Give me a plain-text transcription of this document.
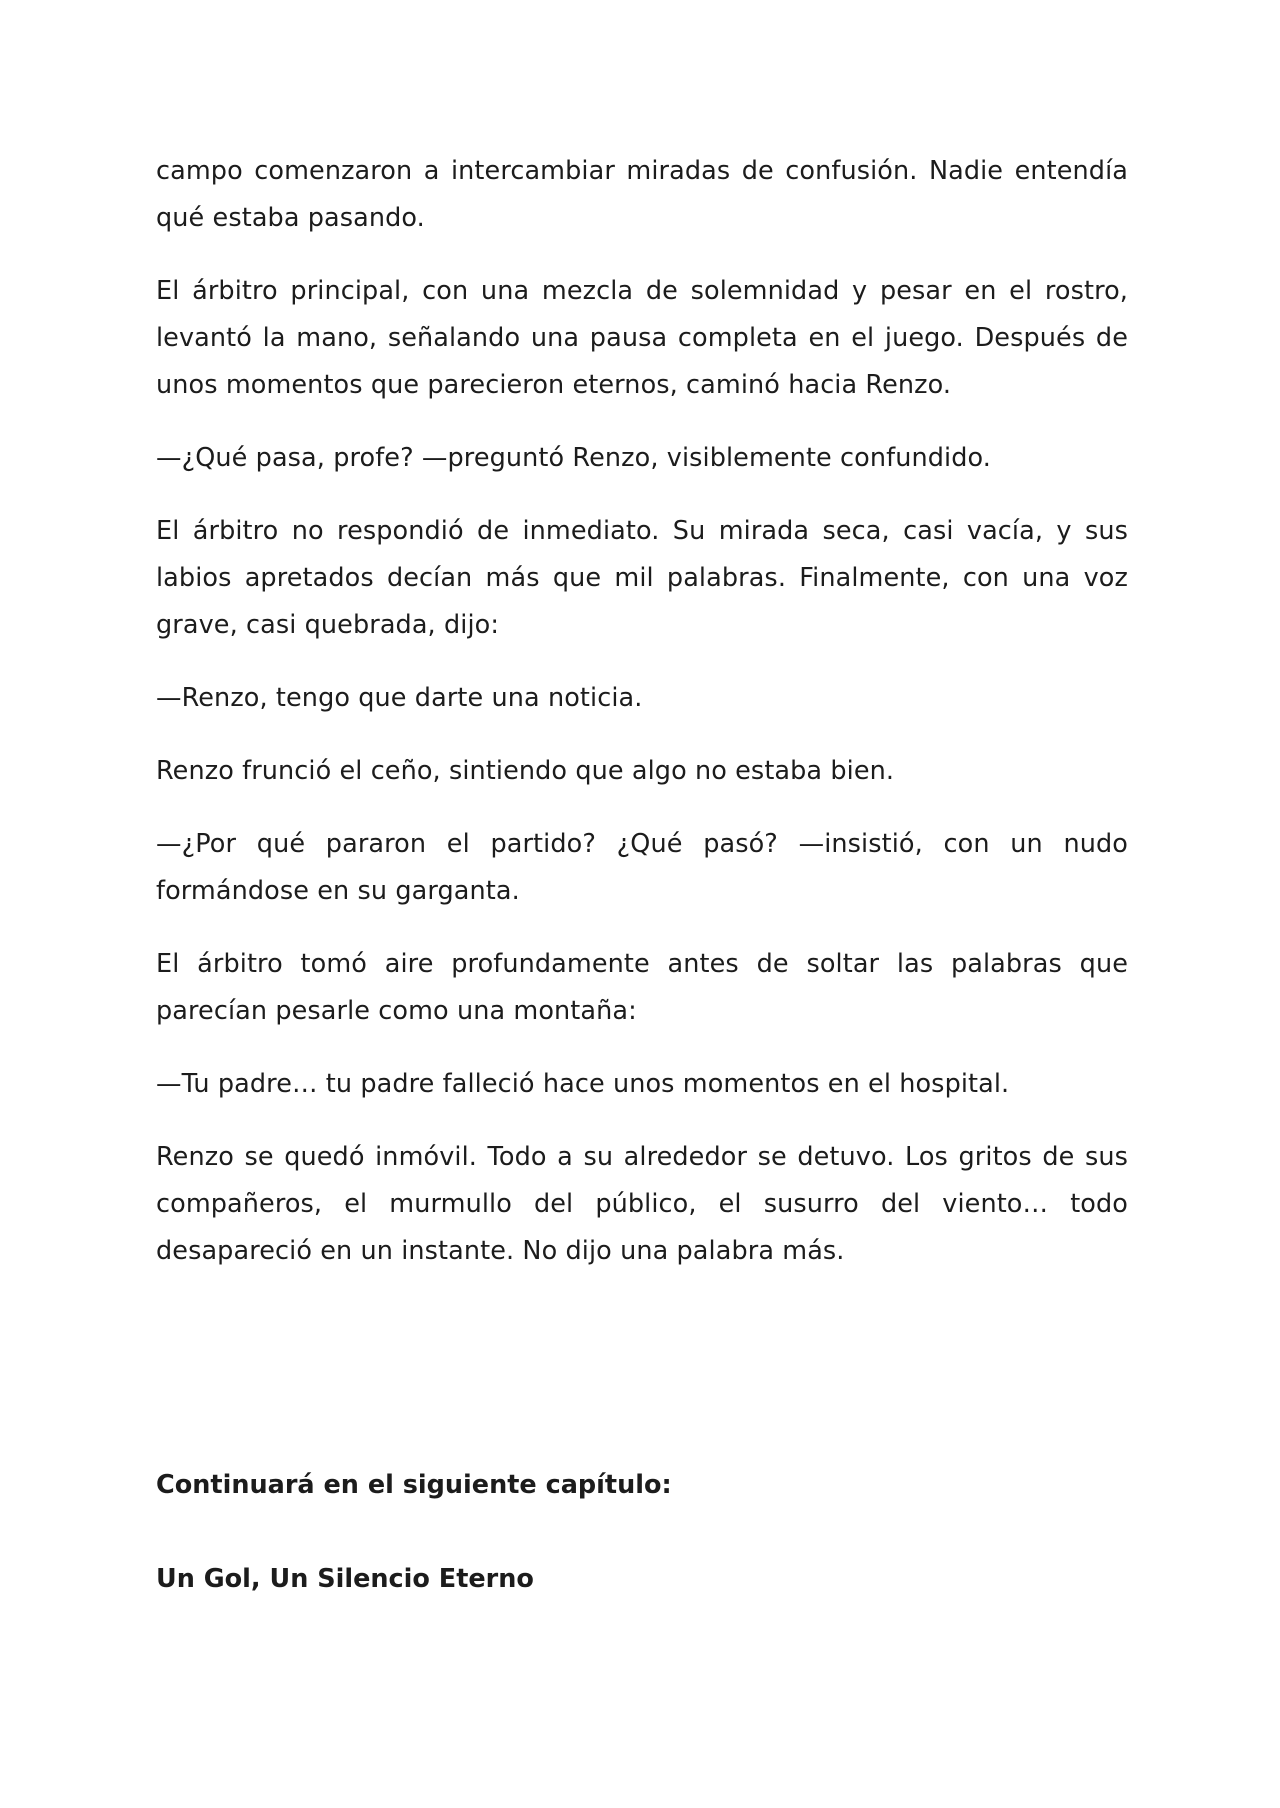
campo comenzaron a intercambiar miradas de confusión. Nadie entendía qué estaba pasando.

El árbitro principal, con una mezcla de solemnidad y pesar en el rostro, levantó la mano, señalando una pausa completa en el juego. Después de unos momentos que parecieron eternos, caminó hacia Renzo.

—¿Qué pasa, profe? —preguntó Renzo, visiblemente confundido.

El árbitro no respondió de inmediato. Su mirada seca, casi vacía, y sus labios apretados decían más que mil palabras. Finalmente, con una voz grave, casi quebrada, dijo:

—Renzo, tengo que darte una noticia.

Renzo frunció el ceño, sintiendo que algo no estaba bien.

—¿Por qué pararon el partido? ¿Qué pasó? —insistió, con un nudo formándose en su garganta.

El árbitro tomó aire profundamente antes de soltar las palabras que parecían pesarle como una montaña:

—Tu padre… tu padre falleció hace unos momentos en el hospital.

Renzo se quedó inmóvil. Todo a su alrededor se detuvo. Los gritos de sus compañeros, el murmullo del público, el susurro del viento… todo desapareció en un instante. No dijo una palabra más.

Continuará en el siguiente capítulo:
Un Gol, Un Silencio Eterno
